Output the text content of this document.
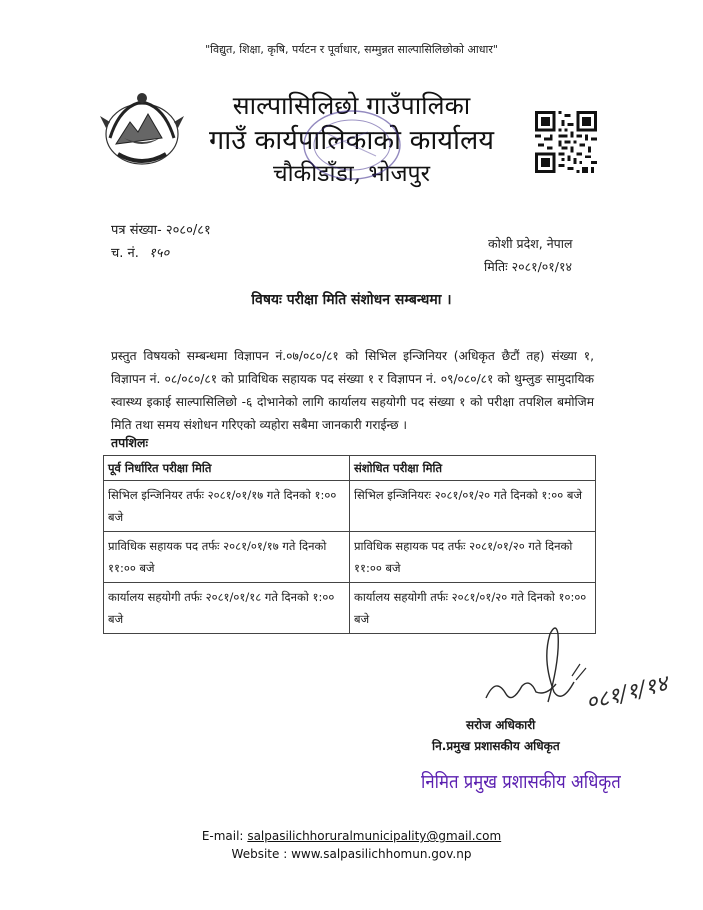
"विद्युत, शिक्षा, कृषि, पर्यटन र पूर्वाधार, सम्मुन्नत साल्पासिलिछोको आधार"
साल्पासिलिछो गाउँपालिका
गाउँ कार्यपालिकाको कार्यालय
चौकीडाँडा, भोजपुर
पत्र संख्या- २०८०/८१
च. नं. १५०
कोशी प्रदेश, नेपाल
मितिः २०८१/०१/१४
विषयः परीक्षा मिति संशोधन सम्बन्धमा ।
प्रस्तुत विषयको सम्बन्धमा विज्ञापन नं.०७/०८०/८१ को सिभिल इन्जिनियर (अधिकृत छैटौं तह) संख्या १, विज्ञापन नं. ०८/०८०/८१ को प्राविधिक सहायक पद संख्या १ र विज्ञापन नं. ०९/०८०/८१ को थुम्लुङ सामुदायिक स्वास्थ्य इकाई साल्पासिलिछो -६ दोभानेको लागि कार्यालय सहयोगी पद संख्या १ को परीक्षा तपशिल बमोजिम मिति तथा समय संशोधन गरिएको व्यहोरा सबैमा जानकारी गराईन्छ ।
तपशिलः
पूर्व निर्धारित परीक्षा मिति	संशोधित परीक्षा मिति
सिभिल इन्जिनियर तर्फः २०८१/०१/१७ गते दिनको १:०० बजे	सिभिल इन्जिनियरः २०८१/०१/२० गते दिनको १:०० बजे
प्राविधिक सहायक पद तर्फः २०८१/०१/१७ गते दिनको ११:०० बजे	प्राविधिक सहायक पद तर्फः २०८१/०१/२० गते दिनको ११:०० बजे
कार्यालय सहयोगी तर्फः २०८१/०१/१८ गते दिनको १:०० बजे	कार्यालय सहयोगी तर्फः २०८१/०१/२० गते दिनको १०:०० बजे
०८१/१/१४
सरोज अधिकारी
नि.प्रमुख प्रशासकीय अधिकृत
निमित प्रमुख प्रशासकीय अधिकृत
E-mail: salpasilichhoruralmunicipality@gmail.com
Website : www.salpasilichhomun.gov.np
